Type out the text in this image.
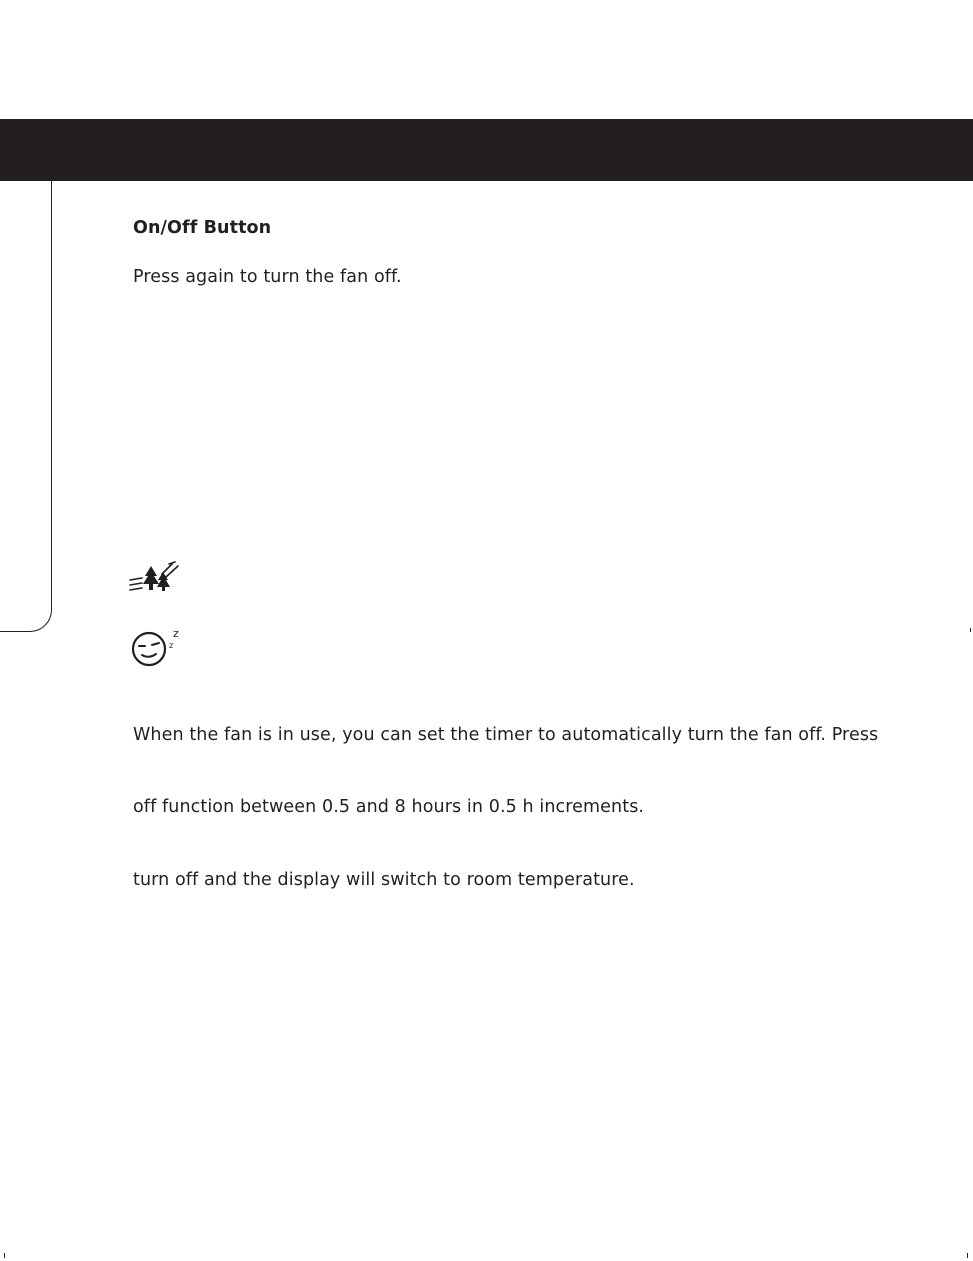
On/Off Button
Press again to turn the fan off.
z
z
When the fan is in use, you can set the timer to automatically turn the fan off. Press
off function between 0.5 and 8 hours in 0.5 h increments.
turn off and the display will switch to room temperature.
